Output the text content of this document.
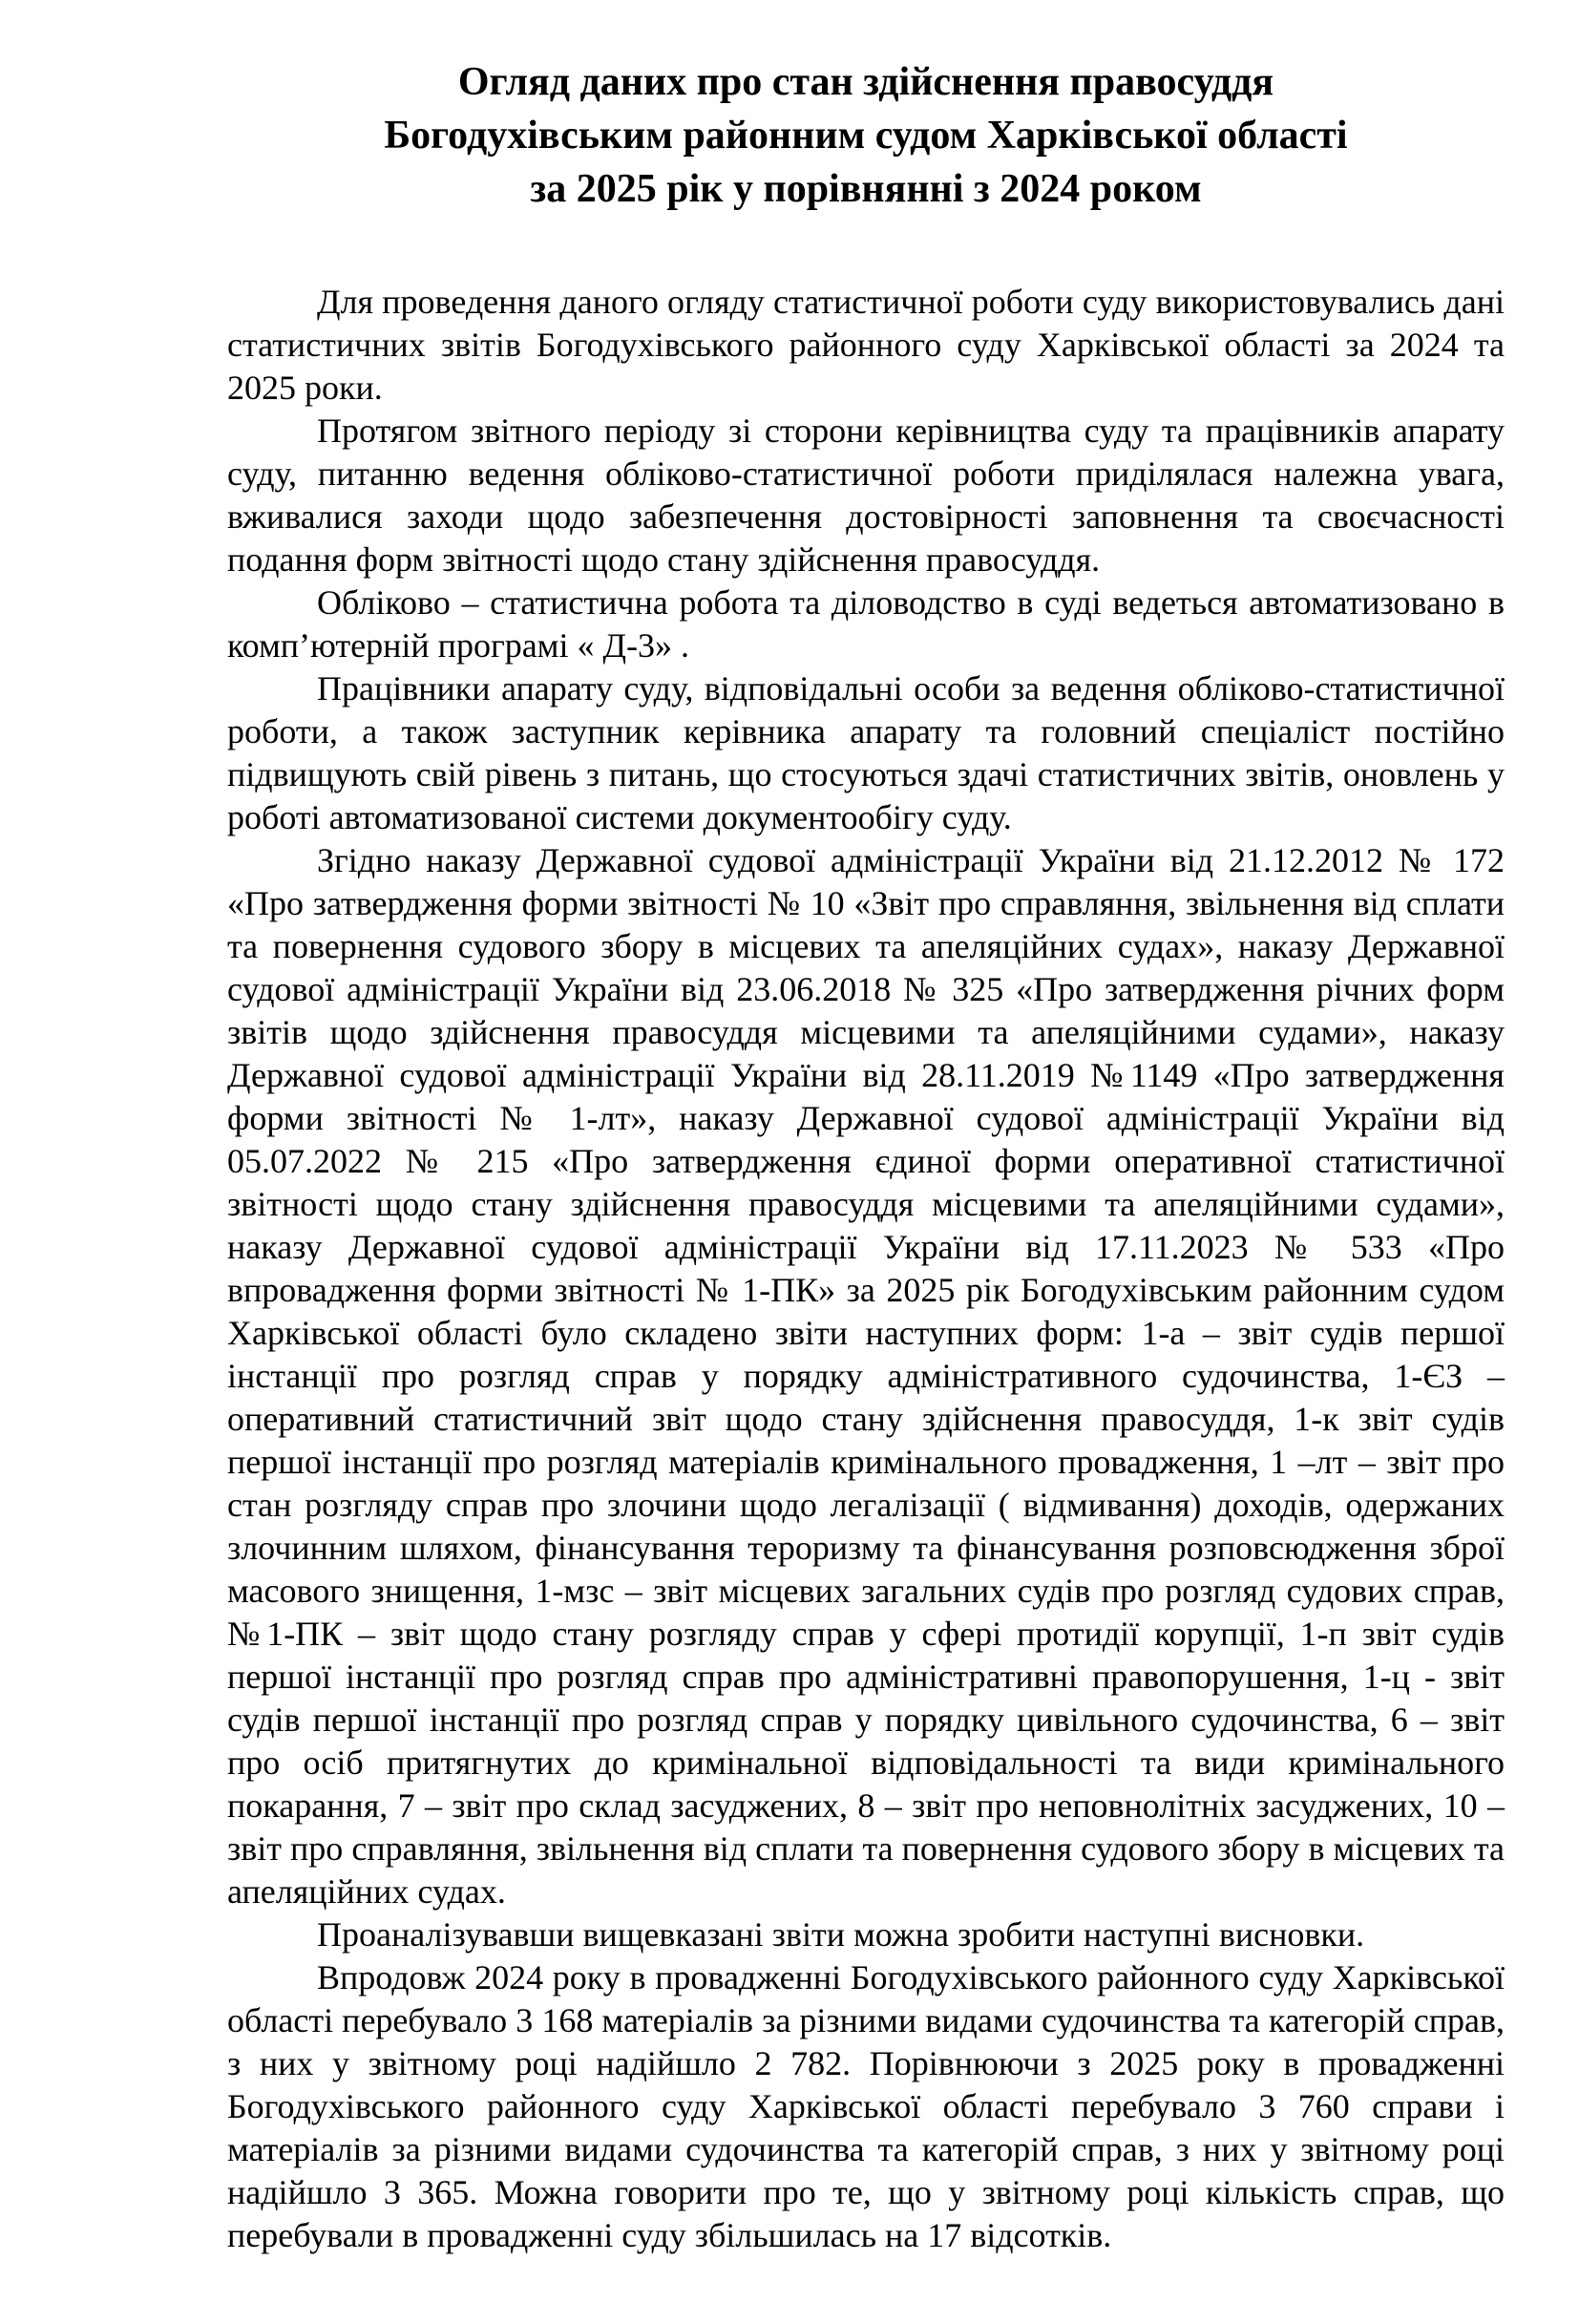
Огляд даних про стан здійснення правосуддя
Богодухівським районним судом Харківської області
за 2025 рік у порівнянні з 2024 роком

Для проведення даного огляду статистичної роботи суду використовувались дані статистичних звітів Богодухівського районного суду Харківської області за 2024 та 2025 роки.

Протягом звітного періоду зі сторони керівництва суду та працівників апарату суду, питанню ведення обліково-статистичної роботи приділялася належна увага, вживалися заходи щодо забезпечення достовірності заповнення та своєчасності подання форм звітності щодо стану здійснення правосуддя.

Обліково – статистична робота та діловодство в суді ведеться автоматизовано в комп’ютерній програмі « Д-3» .

Працівники апарату суду, відповідальні особи за ведення обліково-статистичної роботи, а також заступник керівника апарату та головний спеціаліст постійно підвищують свій рівень з питань, що стосуються здачі статистичних звітів, оновлень у роботі автоматизованої системи документообігу суду.

Згідно наказу Державної судової адміністрації України від 21.12.2012 № 172 «Про затвердження форми звітності № 10 «Звіт про справляння, звільнення від сплати та повернення судового збору в місцевих та апеляційних судах», наказу Державної судової адміністрації України від 23.06.2018 № 325 «Про затвердження річних форм звітів щодо здійснення правосуддя місцевими та апеляційними судами», наказу Державної судової адміністрації України від 28.11.2019 №1149 «Про затвердження форми звітності № 1-лт», наказу Державної судової адміністрації України від 05.07.2022 № 215 «Про затвердження єдиної форми оперативної статистичної звітності щодо стану здійснення правосуддя місцевими та апеляційними судами», наказу Державної судової адміністрації України від 17.11.2023 № 533 «Про впровадження форми звітності № 1-ПК» за 2025 рік Богодухівським районним судом Харківської області було складено звіти наступних форм: 1-а – звіт судів першої інстанції про розгляд справ у порядку адміністративного судочинства, 1-ЄЗ – оперативний статистичний звіт щодо стану здійснення правосуддя, 1-к звіт судів першої інстанції про розгляд матеріалів кримінального провадження, 1 –лт – звіт про стан розгляду справ про злочини щодо легалізації ( відмивання) доходів, одержаних злочинним шляхом, фінансування тероризму та фінансування розповсюдження зброї масового знищення, 1-мзс – звіт місцевих загальних судів про розгляд судових справ, №1-ПК – звіт щодо стану розгляду справ у сфері протидії корупції, 1-п звіт судів першої інстанції про розгляд справ про адміністративні правопорушення, 1-ц - звіт судів першої інстанції про розгляд справ у порядку цивільного судочинства, 6 – звіт про осіб притягнутих до кримінальної відповідальності та види кримінального покарання, 7 – звіт про склад засуджених, 8 – звіт про неповнолітніх засуджених, 10 – звіт про справляння, звільнення від сплати та повернення судового збору в місцевих та апеляційних судах.

Проаналізувавши вищевказані звіти можна зробити наступні висновки.

Впродовж 2024 року в провадженні Богодухівського районного суду Харківської області перебувало 3 168 матеріалів за різними видами судочинства та категорій справ, з них у звітному році надійшло 2 782. Порівнюючи з 2025 року в провадженні Богодухівського районного суду Харківської області перебувало 3 760 справи і матеріалів за різними видами судочинства та категорій справ, з них у звітному році надійшло 3 365. Можна говорити про те, що у звітному році кількість справ, що перебували в провадженні суду збільшилась на 17 відсотків.
